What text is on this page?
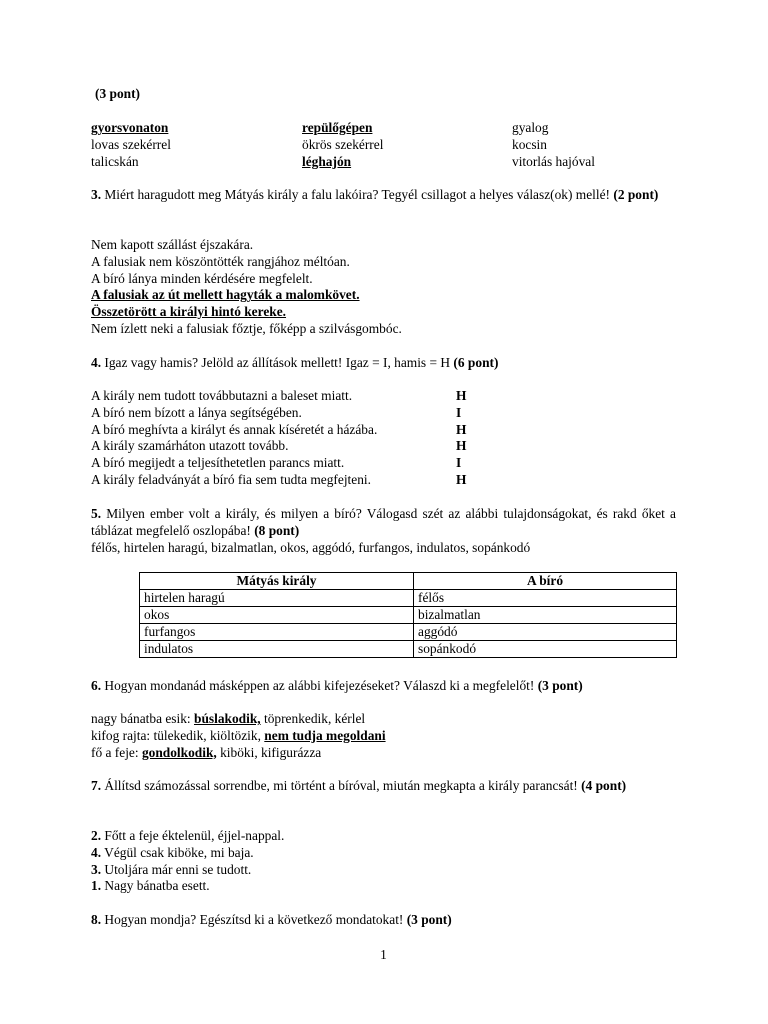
(3 pont)
gyorsvonaton	repülőgépen	gyalog
lovas szekérrel	ökrös szekérrel	kocsin
talicskán	léghajón	vitorlás hajóval
3. Miért haragudott meg Mátyás király a falu lakóira? Tegyél csillagot a helyes válasz(ok) mellé! (2 pont)
Nem kapott szállást éjszakára.
A falusiak nem köszöntötték rangjához méltóan.
A bíró lánya minden kérdésére megfelelt.
A falusiak az út mellett hagyták a malomkövet.
Összetörött a királyi hintó kereke.
Nem ízlett neki a falusiak főztje, főképp a szilvásgombóc.
4. Igaz vagy hamis? Jelöld az állítások mellett! Igaz = I, hamis = H (6 pont)
A király nem tudott továbbutazni a baleset miatt.	H
A bíró nem bízott a lánya segítségében.	I
A bíró meghívta a királyt és annak kíséretét a házába.	H
A király szamárháton utazott tovább.	H
A bíró megijedt a teljesíthetetlen parancs miatt.	I
A király feladványát a bíró fia sem tudta megfejteni.	H
5. Milyen ember volt a király, és milyen a bíró? Válogasd szét az alábbi tulajdonságokat, és rakd őket a táblázat megfelelő oszlopába! (8 pont)
félős, hirtelen haragú, bizalmatlan, okos, aggódó, furfangos, indulatos, sopánkodó
6. Hogyan mondanád másképpen az alábbi kifejezéseket? Válaszd ki a megfelelőt! (3 pont)
nagy bánatba esik: búslakodik, töprenkedik, kérlel
kifog rajta: tülekedik, kiöltözik, nem tudja megoldani
fő a feje: gondolkodik, kiböki, kifigurázza
7. Állítsd számozással sorrendbe, mi történt a bíróval, miután megkapta a király parancsát! (4 pont)
2. Főtt a feje éktelenül, éjjel-nappal.
4. Végül csak kiböke, mi baja.
3. Utoljára már enni se tudott.
1. Nagy bánatba esett.
8. Hogyan mondja? Egészítsd ki a következő mondatokat! (3 pont)
1
Mátyás király	A bíró
hirtelen haragú	félős
okos	bizalmatlan
furfangos	aggódó
indulatos	sopánkodó
